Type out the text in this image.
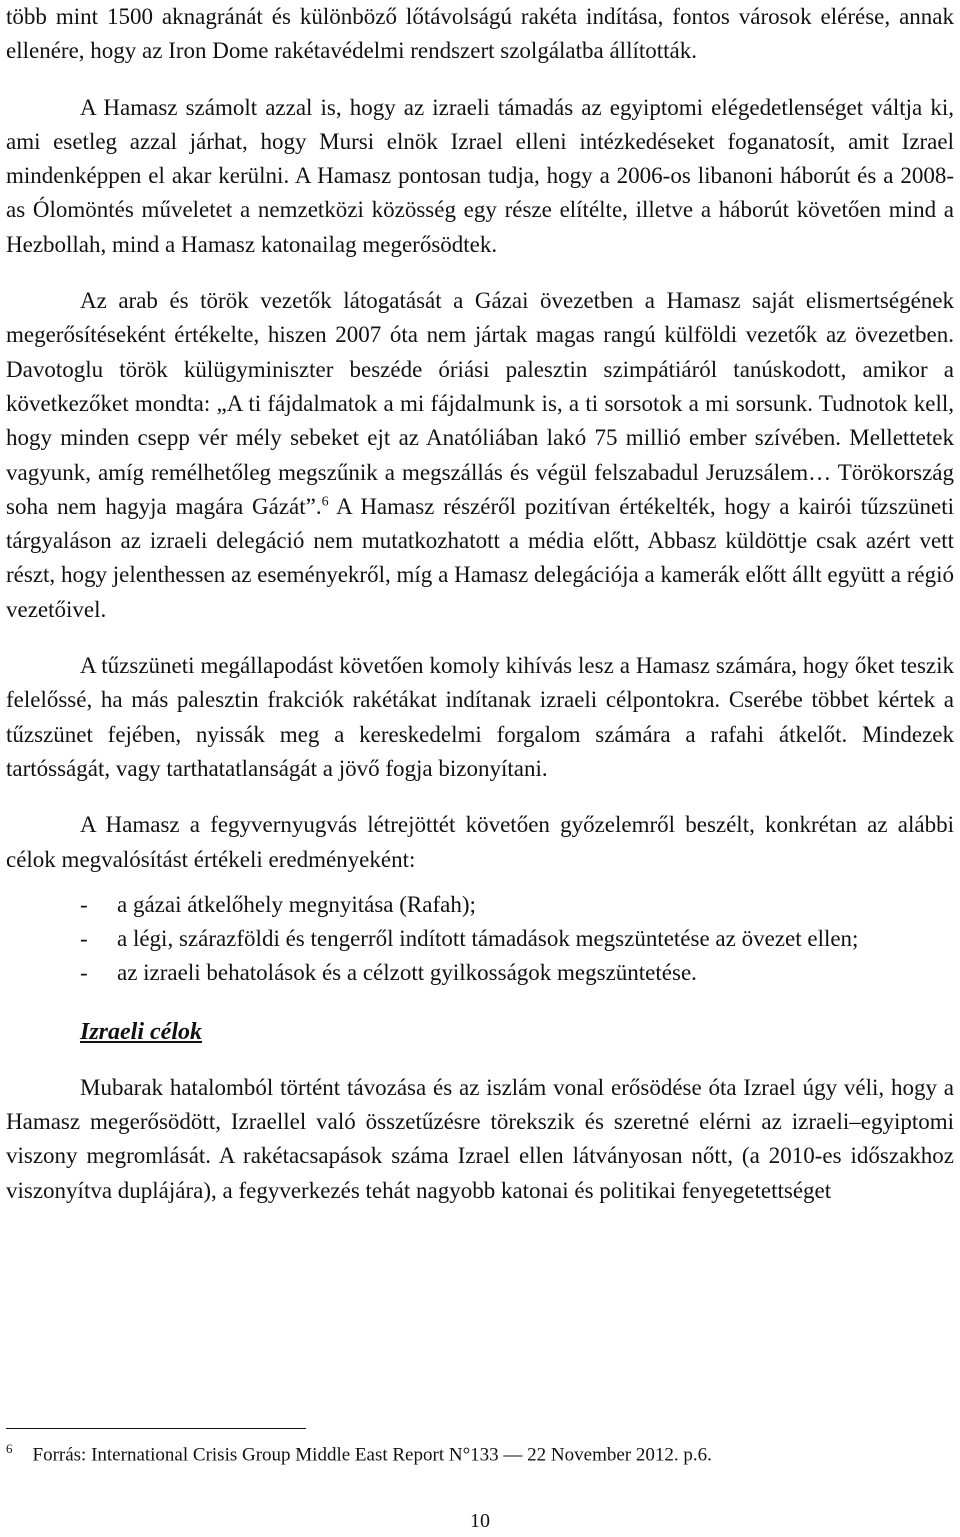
több mint 1500 aknagránát és különböző lőtávolságú rakéta indítása, fontos városok elérése, annak ellenére, hogy az Iron Dome rakétavédelmi rendszert szolgálatba állították.

A Hamasz számolt azzal is, hogy az izraeli támadás az egyiptomi elégedetlenséget váltja ki, ami esetleg azzal járhat, hogy Mursi elnök Izrael elleni intézkedéseket foganatosít, amit Izrael mindenképpen el akar kerülni. A Hamasz pontosan tudja, hogy a 2006-os libanoni háborút és a 2008-as Ólomöntés műveletet a nemzetközi közösség egy része elítélte, illetve a háborút követően mind a Hezbollah, mind a Hamasz katonailag megerősödtek.

Az arab és török vezetők látogatását a Gázai övezetben a Hamasz saját elismertségének megerősítéseként értékelte, hiszen 2007 óta nem jártak magas rangú külföldi vezetők az övezetben. Davotoglu török külügyminiszter beszéde óriási palesztin szimpátiáról tanúskodott, amikor a következőket mondta: „A ti fájdalmatok a mi fájdalmunk is, a ti sorsotok a mi sorsunk. Tudnotok kell, hogy minden csepp vér mély sebeket ejt az Anatóliában lakó 75 millió ember szívében. Mellettetek vagyunk, amíg remélhetőleg megszűnik a megszállás és végül felszabadul Jeruzsálem… Törökország soha nem hagyja magára Gázát”.$^6$ A Hamasz részéről pozitívan értékelték, hogy a kairói tűzszüneti tárgyaláson az izraeli delegáció nem mutatkozhatott a média előtt, Abbasz küldöttje csak azért vett részt, hogy jelenthessen az eseményekről, míg a Hamasz delegációja a kamerák előtt állt együtt a régió vezetőivel.

A tűzszüneti megállapodást követően komoly kihívás lesz a Hamasz számára, hogy őket teszik felelőssé, ha más palesztin frakciók rakétákat indítanak izraeli célpontokra. Cserébe többet kértek a tűzszünet fejében, nyissák meg a kereskedelmi forgalom számára a rafahi átkelőt. Mindezek tartósságát, vagy tarthatatlanságát a jövő fogja bizonyítani.

A Hamasz a fegyvernyugvás létrejöttét követően győzelemről beszélt, konkrétan az alábbi célok megvalósítást értékeli eredményeként:

- a gázai átkelőhely megnyitása (Rafah);
- a légi, szárazföldi és tengerről indított támadások megszüntetése az övezet ellen;
- az izraeli behatolások és a célzott gyilkosságok megszüntetése.
Izraeli célok

Mubarak hatalomból történt távozása és az iszlám vonal erősödése óta Izrael úgy véli, hogy a Hamasz megerősödött, Izraellel való összetűzésre törekszik és szeretné elérni az izraeli–egyiptomi viszony megromlását. A rakétacsapások száma Izrael ellen látványosan nőtt, (a 2010-es időszakhoz viszonyítva duplájára), a fegyverkezés tehát nagyobb katonai és politikai fenyegetettséget

$^6$ Forrás: International Crisis Group Middle East Report N°133 — 22 November 2012. p.6.
10
